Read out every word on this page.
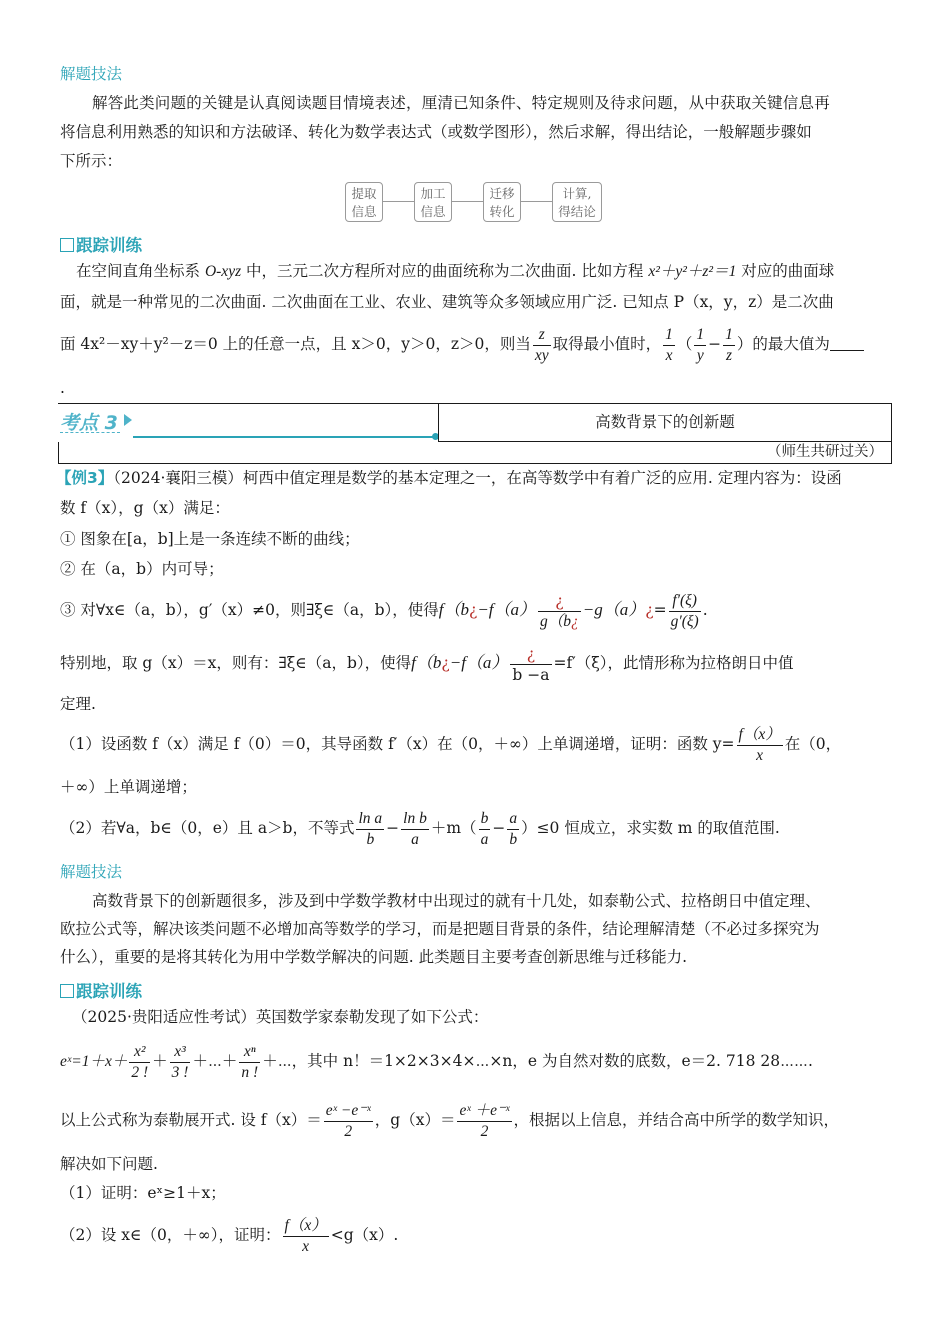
解题技法
解答此类问题的关键是认真阅读题目情境表述，厘清已知条件、特定规则及待求问题，从中获取关键信息再
将信息利用熟悉的知识和方法破译、转化为数学表达式（或数学图形），然后求解，得出结论，一般解题步骤如
下所示：
提取
信息
加工
信息
迁移
转化
计算,
得结论
跟踪训练
在空间直角坐标系 O-xyz 中，三元二次方程所对应的曲面统称为二次曲面. 比如方程 x²＋y²＋z²＝1 对应的曲面球
面，就是一种常见的二次曲面. 二次曲面在工业、农业、建筑等众多领域应用广泛. 已知点 P（x，y，z）是二次曲
面 4x²－xy＋y²－z＝0 上的任意一点，且 x＞0，y＞0，z＞0，则当 $\frac{z}{xy}$ 取得最小值时， $\frac{1}{x}$ （ $\frac{1}{y} - \frac{1}{z}$ ）的最大值为
.
考点 3	高数背景下的创新题
（师生共研过关）
【例3】（2024·襄阳三模）柯西中值定理是数学的基本定理之一，在高等数学中有着广泛的应用. 定理内容为：设函
数 f（x），g（x）满足：
① 图象在[a，b]上是一条连续不断的曲线；
② 在（a，b）内可导；
③ 对∀x∈（a，b），g′（x）≠0，则∃ξ∈（a，b），使得f（b¿−f（a） $\frac{¿}{g(b¿}$ −g（a）¿= $\frac{f'(\xi)}{g'(\xi)}$ .
特别地，取 g（x）＝x，则有：∃ξ∈（a，b），使得f（b¿−f（a） $\frac{¿}{b -a} =f'(\xi)$，此情形称为拉格朗日中值
定理.
（1）设函数 f（x）满足 f（0）＝0，其导函数 f′（x）在（0，＋∞）上单调递增，证明：函数 $y= \frac{f(x)}{x}$ 在（0，
＋∞）上单调递增；
（2）若∀a，b∈（0，e）且 a＞b，不等式 $\frac{\text{ln a}}{b} - \frac{\text{ln b}}{a} +m( \frac{b}{a} - \frac{a}{b} )\le 0$ 恒成立，求实数 m 的取值范围.
解题技法
高数背景下的创新题很多，涉及到中学数学教材中出现过的就有十几处，如泰勒公式、拉格朗日中值定理、
欧拉公式等，解决该类问题不必增加高等数学的学习，而是把题目背景的条件，结论理解清楚（不必过多探究为
什么），重要的是将其转化为用中学数学解决的问题. 此类题目主要考查创新思维与迁移能力.
跟踪训练
（2025·贵阳适应性考试）英国数学家泰勒发现了如下公式：
eˣ=1＋x＋ $\frac{\text{x²}}{2 !} + \frac{\text{x³}}{3 !}$ ＋⋯＋ $\frac{\text{xⁿ}}{n !}$ ＋⋯，其中 n！＝1×2×3×4×⋯×n，e 为自然对数的底数，e＝2. 718 28⋯⋯.
以上公式称为泰勒展开式. 设 $f(x)= \frac{\text{eˣ −e⁻ˣ}}{2}$ ，$g(x)= \frac{\text{eˣ ＋e⁻ˣ}}{2}$ ，根据以上信息，并结合高中所学的数学知识，
解决如下问题.
（1）证明：eˣ≥1＋x；
（2）设 x∈（0，＋∞），证明： $\frac{f(x)}{x} <g(x)$.
